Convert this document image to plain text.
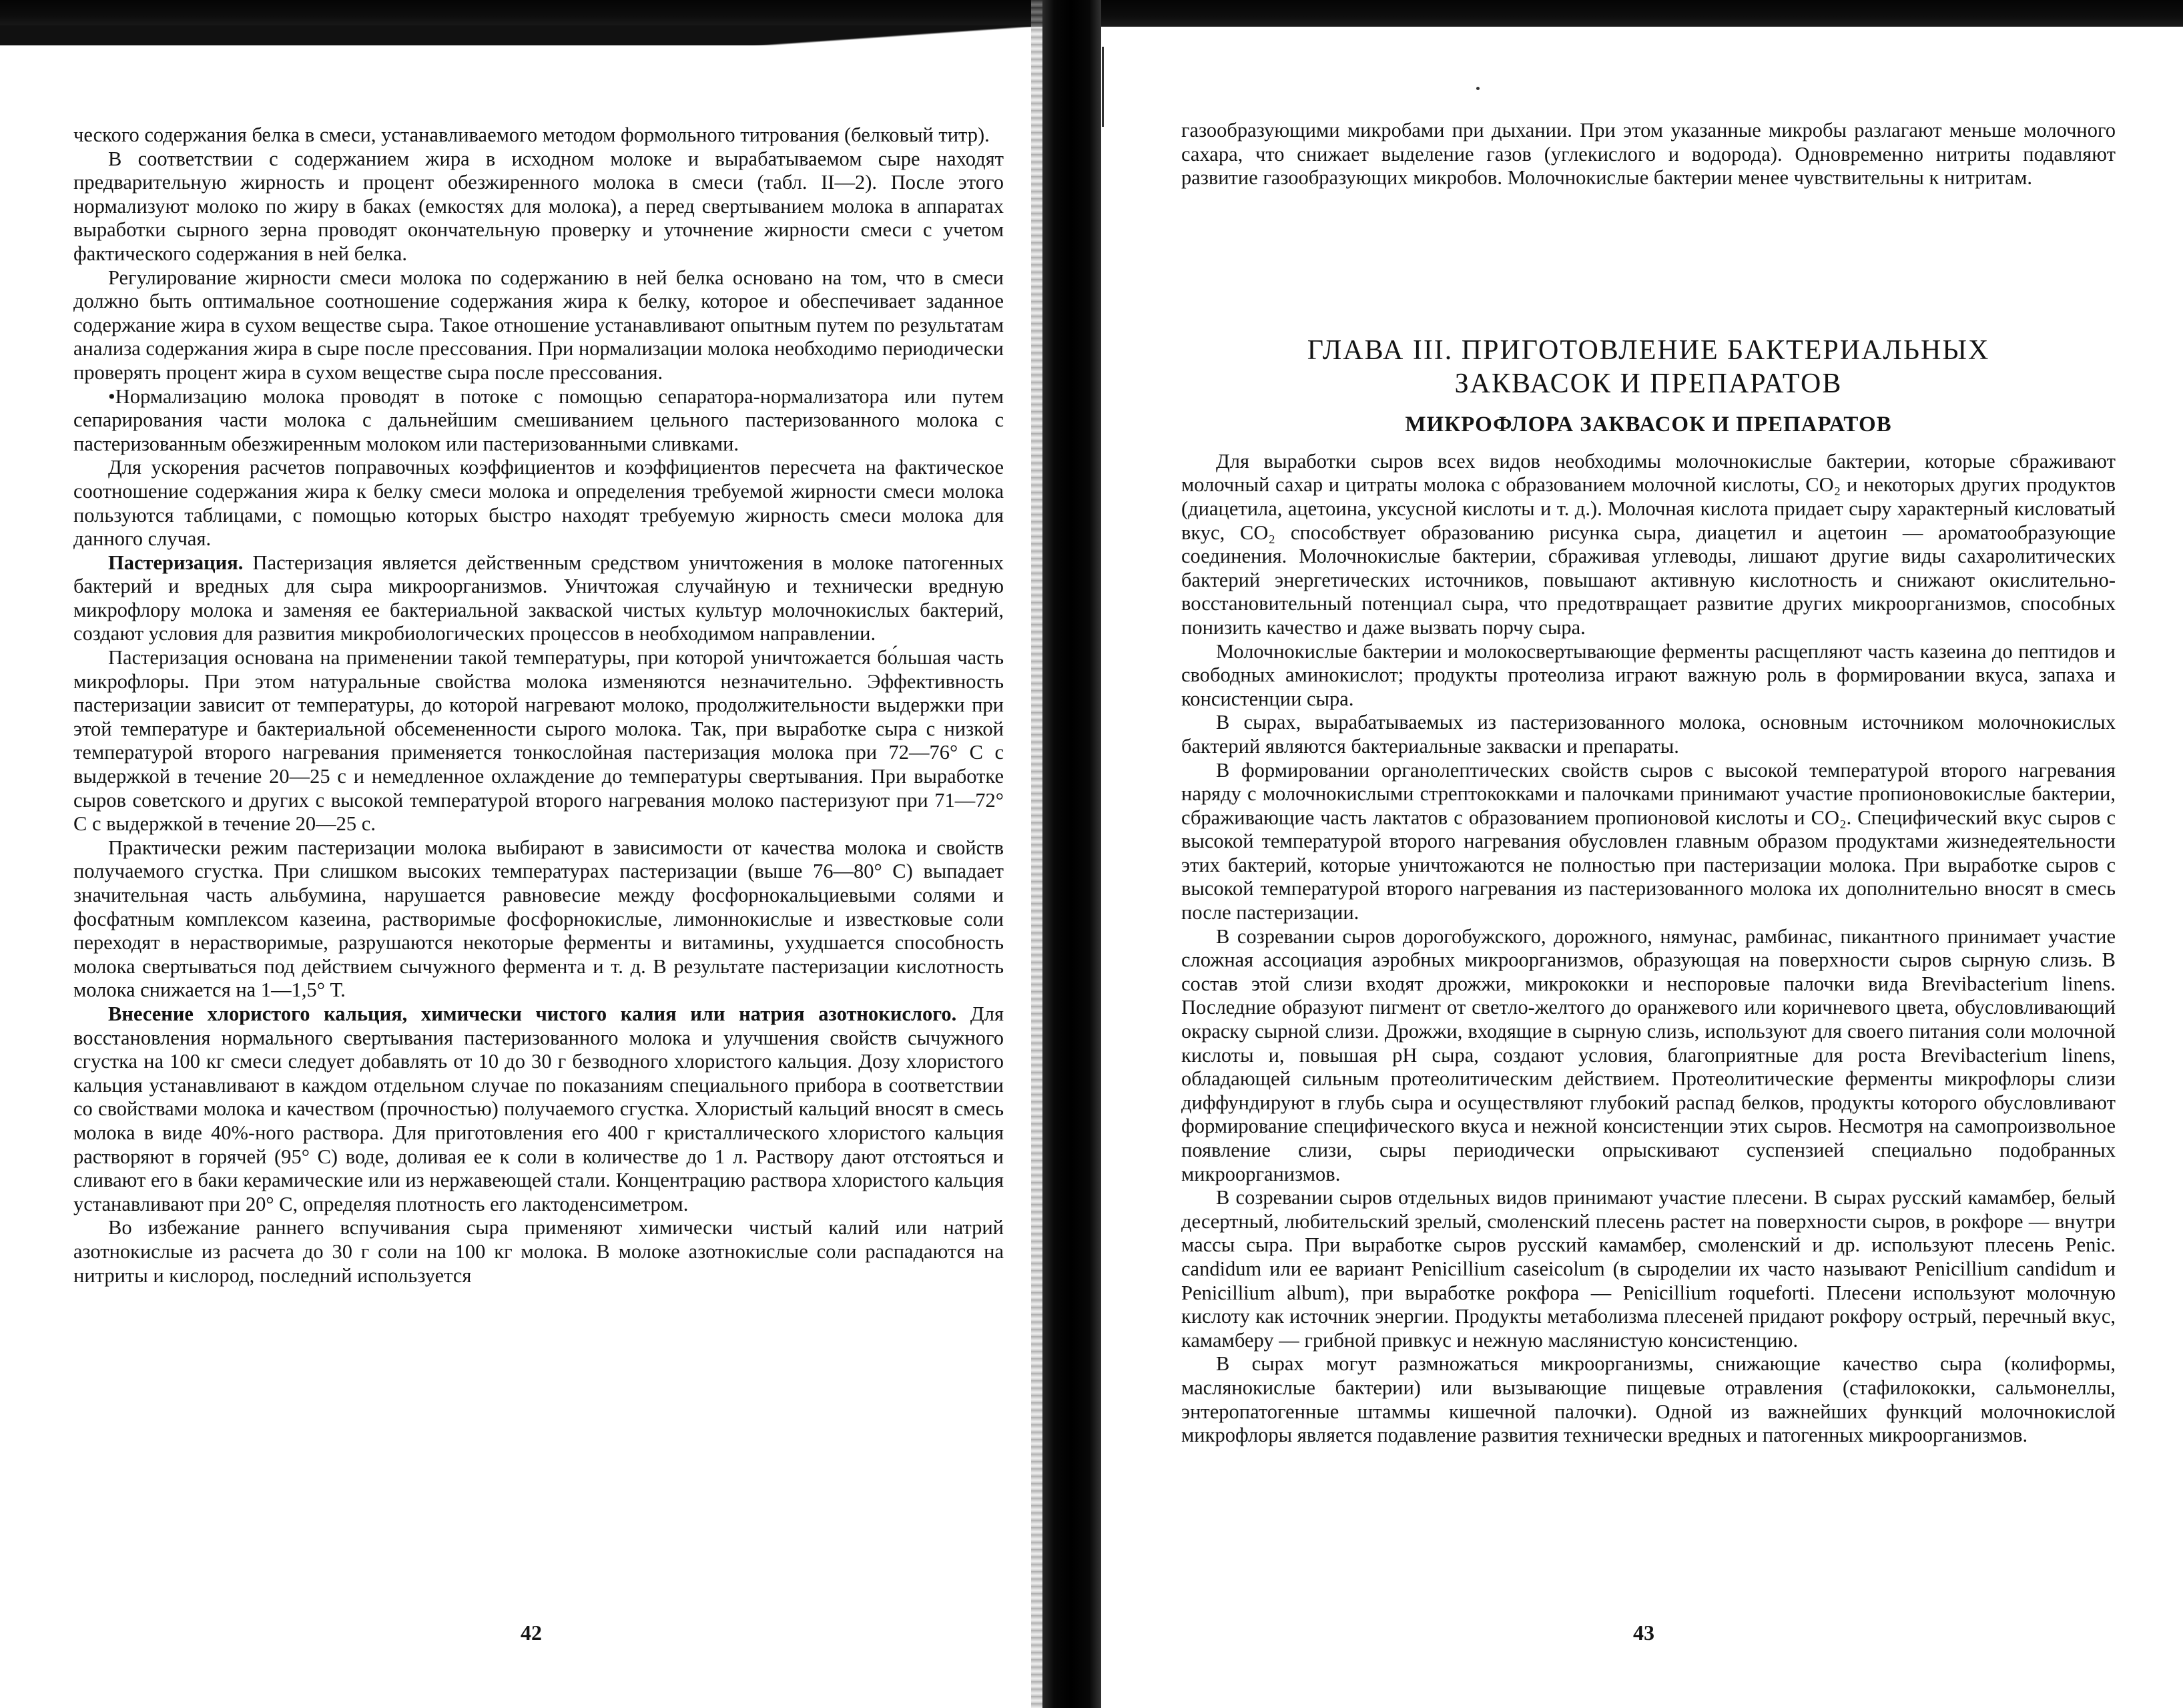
ческого содержания белка в смеси, устанавливаемого методом формольного титрования (белковый титр).

В соответствии с содержанием жира в исходном молоке и вырабатываемом сыре находят предварительную жирность и процент обезжиренного молока в смеси (табл. II—2). После этого нормализуют молоко по жиру в баках (емкостях для молока), а перед свертыванием молока в аппаратах выработки сырного зерна проводят окончательную проверку и уточнение жирности смеси с учетом фактического содержания в ней белка.

Регулирование жирности смеси молока по содержанию в ней белка основано на том, что в смеси должно быть оптимальное соотношение содержания жира к белку, которое и обеспечивает заданное содержание жира в сухом веществе сыра. Такое отношение устанавливают опытным путем по результатам анализа содержания жира в сыре после прессования. При нормализации молока необходимо периодически проверять процент жира в сухом веществе сыра после прессования.

•Нормализацию молока проводят в потоке с помощью сепаратора-нормализатора или путем сепарирования части молока с дальнейшим смешиванием цельного пастеризованного молока с пастеризованным обезжиренным молоком или пастеризованными сливками.

Для ускорения расчетов поправочных коэффициентов и коэффициентов пересчета на фактическое соотношение содержания жира к белку смеси молока и определения требуемой жирности смеси молока пользуются таблицами, с помощью которых быстро находят требуемую жирность смеси молока для данного случая.

Пастеризация. Пастеризация является действенным средством уничтожения в молоке патогенных бактерий и вредных для сыра микроорганизмов. Уничтожая случайную и технически вредную микрофлору молока и заменяя ее бактериальной закваской чистых культур молочнокислых бактерий, создают условия для развития микробиологических процессов в необходимом направлении.

Пастеризация основана на применении такой температуры, при которой уничтожается бо́льшая часть микрофлоры. При этом натуральные свойства молока изменяются незначительно. Эффективность пастеризации зависит от температуры, до которой нагревают молоко, продолжительности выдержки при этой температуре и бактериальной обсемененности сырого молока. Так, при выработке сыра с низкой температурой второго нагревания применяется тонкослойная пастеризация молока при 72—76° С с выдержкой в течение 20—25 с и немедленное охлаждение до температуры свертывания. При выработке сыров советского и других с высокой температурой второго нагревания молоко пастеризуют при 71—72° С с выдержкой в течение 20—25 с.

Практически режим пастеризации молока выбирают в зависимости от качества молока и свойств получаемого сгустка. При слишком высоких температурах пастеризации (выше 76—80° С) выпадает значительная часть альбумина, нарушается равновесие между фосфорнокальциевыми солями и фосфатным комплексом казеина, растворимые фосфорнокислые, лимоннокислые и известковые соли переходят в нерастворимые, разрушаются некоторые ферменты и витамины, ухудшается способность молока свертываться под действием сычужного фермента и т. д. В результате пастеризации кислотность молока снижается на 1—1,5° Т.

Внесение хлористого кальция, химически чистого калия или натрия азотнокислого. Для восстановления нормального свертывания пастеризованного молока и улучшения свойств сычужного сгустка на 100 кг смеси следует добавлять от 10 до 30 г безводного хлористого кальция. Дозу хлористого кальция устанавливают в каждом отдельном случае по показаниям специального прибора в соответствии со свойствами молока и качеством (прочностью) получаемого сгустка. Хлористый кальций вносят в смесь молока в виде 40%-ного раствора. Для приготовления его 400 г кристаллического хлористого кальция растворяют в горячей (95° С) воде, доливая ее к соли в количестве до 1 л. Раствору дают отстояться и сливают его в баки керамические или из нержавеющей стали. Концентрацию раствора хлористого кальция устанавливают при 20° С, определяя плотность его лактоденсиметром.

Во избежание раннего вспучивания сыра применяют химически чистый калий или натрий азотнокислые из расчета до 30 г соли на 100 кг молока. В молоке азотнокислые соли распадаются на нитриты и кислород, последний используется

42

газообразующими микробами при дыхании. При этом указанные микробы разлагают меньше молочного сахара, что снижает выделение газов (углекислого и водорода). Одновременно нитриты подавляют развитие газообразующих микробов. Молочнокислые бактерии менее чувствительны к нитритам.

ГЛАВА III. ПРИГОТОВЛЕНИЕ БАКТЕРИАЛЬНЫХ
ЗАКВАСОК И ПРЕПАРАТОВ
МИКРОФЛОРА ЗАКВАСОК И ПРЕПАРАТОВ

Для выработки сыров всех видов необходимы молочнокислые бактерии, которые сбраживают молочный сахар и цитраты молока с образованием молочной кислоты, CO₂ и некоторых других продуктов (диацетила, ацетоина, уксусной кислоты и т. д.). Молочная кислота придает сыру характерный кисловатый вкус, CO₂ способствует образованию рисунка сыра, диацетил и ацетоин — ароматообразующие соединения. Молочнокислые бактерии, сбраживая углеводы, лишают другие виды сахаролитических бактерий энергетических источников, повышают активную кислотность и снижают окислительно-восстановительный потенциал сыра, что предотвращает развитие других микроорганизмов, способных понизить качество и даже вызвать порчу сыра.

Молочнокислые бактерии и молокосвертывающие ферменты расщепляют часть казеина до пептидов и свободных аминокислот; продукты протеолиза играют важную роль в формировании вкуса, запаха и консистенции сыра.

В сырах, вырабатываемых из пастеризованного молока, основным источником молочнокислых бактерий являются бактериальные закваски и препараты.

В формировании органолептических свойств сыров с высокой температурой второго нагревания наряду с молочнокислыми стрептококками и палочками принимают участие пропионовокислые бактерии, сбраживающие часть лактатов с образованием пропионовой кислоты и CO₂. Специфический вкус сыров с высокой температурой второго нагревания обусловлен главным образом продуктами жизнедеятельности этих бактерий, которые уничтожаются не полностью при пастеризации молока. При выработке сыров с высокой температурой второго нагревания из пастеризованного молока их дополнительно вносят в смесь после пастеризации.

В созревании сыров дорогобужского, дорожного, нямунас, рамбинас, пикантного принимает участие сложная ассоциация аэробных микроорганизмов, образующая на поверхности сыров сырную слизь. В состав этой слизи входят дрожжи, микрококки и неспоровые палочки вида Brevibacterium linens. Последние образуют пигмент от светло-желтого до оранжевого или коричневого цвета, обусловливающий окраску сырной слизи. Дрожжи, входящие в сырную слизь, используют для своего питания соли молочной кислоты и, повышая pH сыра, создают условия, благоприятные для роста Brevibacterium linens, обладающей сильным протеолитическим действием. Протеолитические ферменты микрофлоры слизи диффундируют в глубь сыра и осуществляют глубокий распад белков, продукты которого обусловливают формирование специфического вкуса и нежной консистенции этих сыров. Несмотря на самопроизвольное появление слизи, сыры периодически опрыскивают суспензией специально подобранных микроорганизмов.

В созревании сыров отдельных видов принимают участие плесени. В сырах русский камамбер, белый десертный, любительский зрелый, смоленский плесень растет на поверхности сыров, в рокфоре — внутри массы сыра. При выработке сыров русский камамбер, смоленский и др. используют плесень Penic. candidum или ее вариант Penicillium caseicolum (в сыроделии их часто называют Penicillium candidum и Penicillium album), при выработке рокфора — Penicillium roqueforti. Плесени используют молочную кислоту как источник энергии. Продукты метаболизма плесеней придают рокфору острый, перечный вкус, камамберу — грибной привкус и нежную маслянистую консистенцию.

В сырах могут размножаться микроорганизмы, снижающие качество сыра (колиформы, маслянокислые бактерии) или вызывающие пищевые отравления (стафилококки, сальмонеллы, энтеропатогенные штаммы кишечной палочки). Одной из важнейших функций молочнокислой микрофлоры является подавление развития технически вредных и патогенных микроорганизмов.

43
